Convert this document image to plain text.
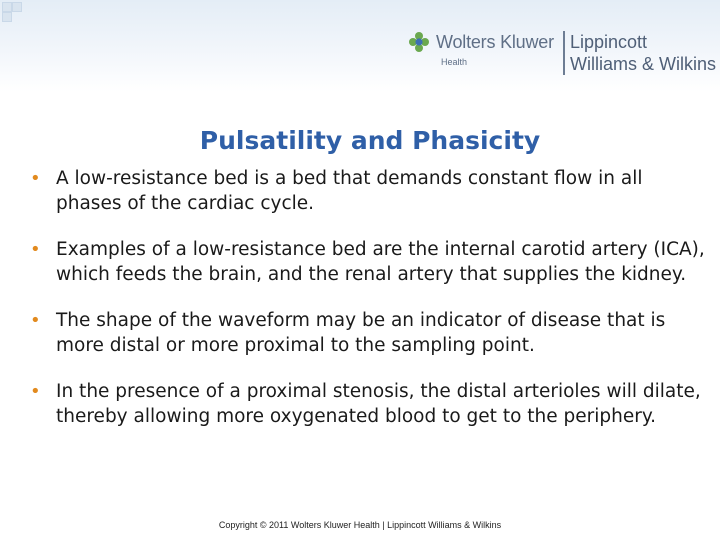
Wolters Kluwer
Health
Lippincott
Williams & Wilkins
Pulsatility and Phasicity
• A low-resistance bed is a bed that demands constant flow in all phases of the cardiac cycle.
• Examples of a low-resistance bed are the internal carotid artery (ICA), which feeds the brain, and the renal artery that supplies the kidney.
• The shape of the waveform may be an indicator of disease that is more distal or more proximal to the sampling point.
• In the presence of a proximal stenosis, the distal arterioles will dilate, thereby allowing more oxygenated blood to get to the periphery.
Copyright © 2011 Wolters Kluwer Health | Lippincott Williams & Wilkins
